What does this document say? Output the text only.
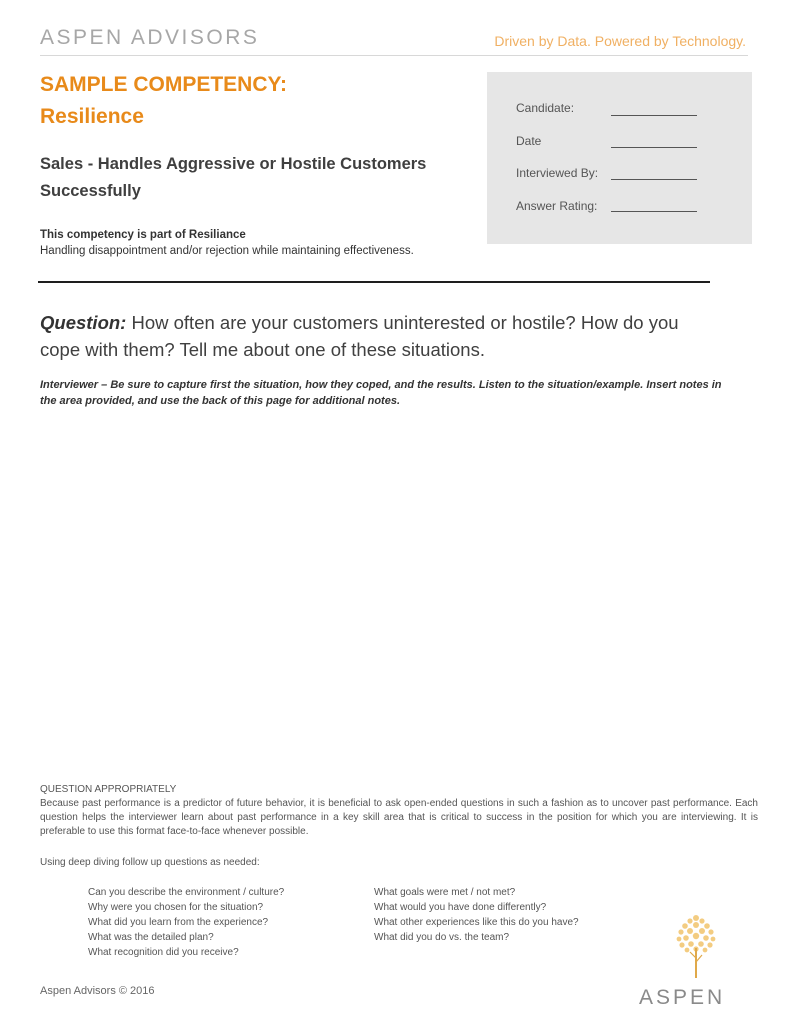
ASPEN ADVISORS	Driven by Data. Powered by Technology.
SAMPLE COMPETENCY:
Resilience
Sales - Handles Aggressive or Hostile Customers Successfully
This competency is part of Resiliance
Handling disappointment and/or rejection while maintaining effectiveness.
Candidate:
Date
Interviewed By:
Answer Rating:
Question: How often are your customers uninterested or hostile? How do you cope with them? Tell me about one of these situations.
Interviewer – Be sure to capture first the situation, how they coped, and the results. Listen to the situation/example. Insert notes in the area provided, and use the back of this page for additional notes.
QUESTION APPROPRIATELY
Because past performance is a predictor of future behavior, it is beneficial to ask open-ended questions in such a fashion as to uncover past performance. Each question helps the interviewer learn about past performance in a key skill area that is critical to success in the position for which you are interviewing. It is preferable to use this format face-to-face whenever possible.
Using deep diving follow up questions as needed:
Can you describe the environment / culture?
Why were you chosen for the situation?
What did you learn from the experience?
What was the detailed plan?
What recognition did you receive?
What goals were met / not met?
What would you have done differently?
What other experiences like this do you have?
What did you do vs. the team?
Aspen Advisors © 2016	ASPEN
